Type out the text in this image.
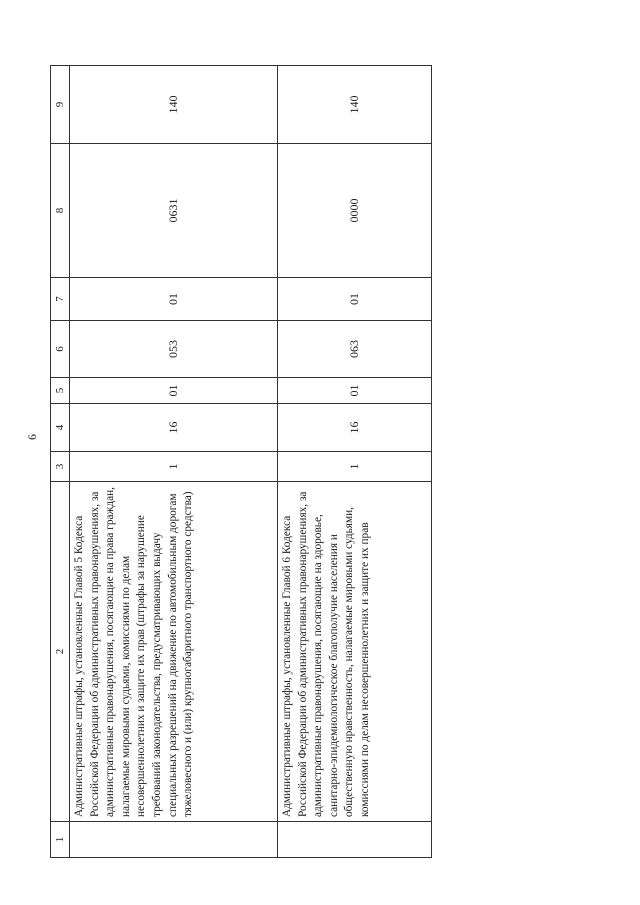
6
1	2	3	4	5	6	7	8	9
	Административные штрафы, установленные Главой 5 Кодекса Российской Федерации об административных правонарушениях, за административные правонарушения, посягающие на права граждан, налагаемые мировыми судьями, комиссиями по делам несовершеннолетних и защите их прав (штрафы за нарушение требований законодательства, предусматривающих выдачу специальных разрешений на движение по автомобильным дорогам тяжеловесного и (или) крупногабаритного транспортного средства)	1	16	01	053	01	0631	140
	Административные штрафы, установленные Главой 6 Кодекса Российской Федерации об административных правонарушениях, за административные правонарушения, посягающие на здоровье, санитарно-эпидемиологическое благополучие населения и общественную нравственность, налагаемые мировыми судьями, комиссиями по делам несовершеннолетних и защите их прав	1	16	01	063	01	0000	140
